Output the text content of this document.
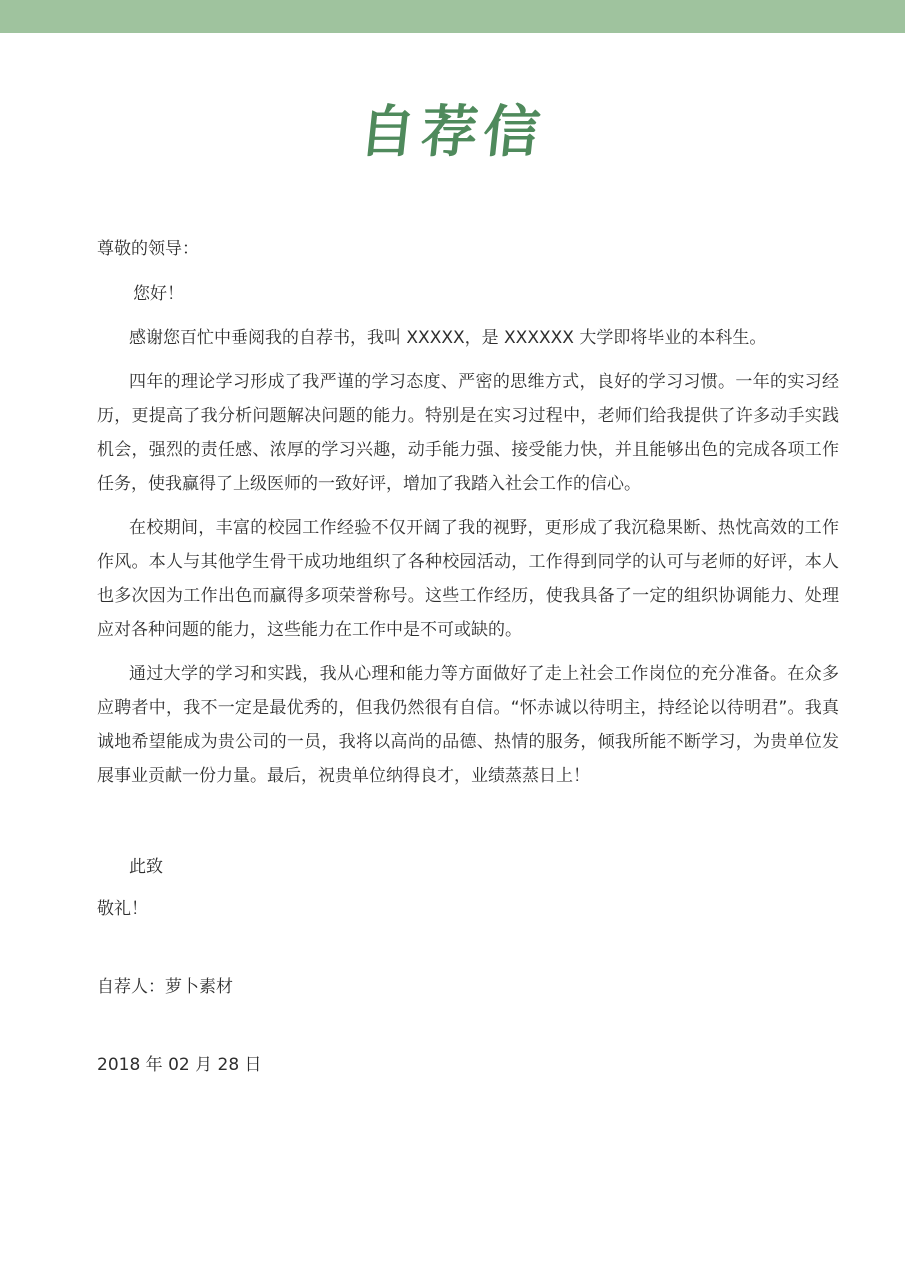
自荐信

尊敬的领导：

您好！

感谢您百忙中垂阅我的自荐书，我叫 XXXXX，是 XXXXXX 大学即将毕业的本科生。

四年的理论学习形成了我严谨的学习态度、严密的思维方式，良好的学习习惯。一年的实习经历，更提高了我分析问题解决问题的能力。特别是在实习过程中，老师们给我提供了许多动手实践机会，强烈的责任感、浓厚的学习兴趣，动手能力强、接受能力快，并且能够出色的完成各项工作任务，使我赢得了上级医师的一致好评，增加了我踏入社会工作的信心。

在校期间，丰富的校园工作经验不仅开阔了我的视野，更形成了我沉稳果断、热忱高效的工作作风。本人与其他学生骨干成功地组织了各种校园活动，工作得到同学的认可与老师的好评，本人也多次因为工作出色而赢得多项荣誉称号。这些工作经历，使我具备了一定的组织协调能力、处理应对各种问题的能力，这些能力在工作中是不可或缺的。

通过大学的学习和实践，我从心理和能力等方面做好了走上社会工作岗位的充分准备。在众多应聘者中，我不一定是最优秀的，但我仍然很有自信。“怀赤诚以待明主，持经论以待明君”。我真诚地希望能成为贵公司的一员，我将以高尚的品德、热情的服务，倾我所能不断学习，为贵单位发展事业贡献一份力量。最后，祝贵单位纳得良才，业绩蒸蒸日上！

此致

敬礼！

自荐人：萝卜素材

2018 年 02 月 28 日
